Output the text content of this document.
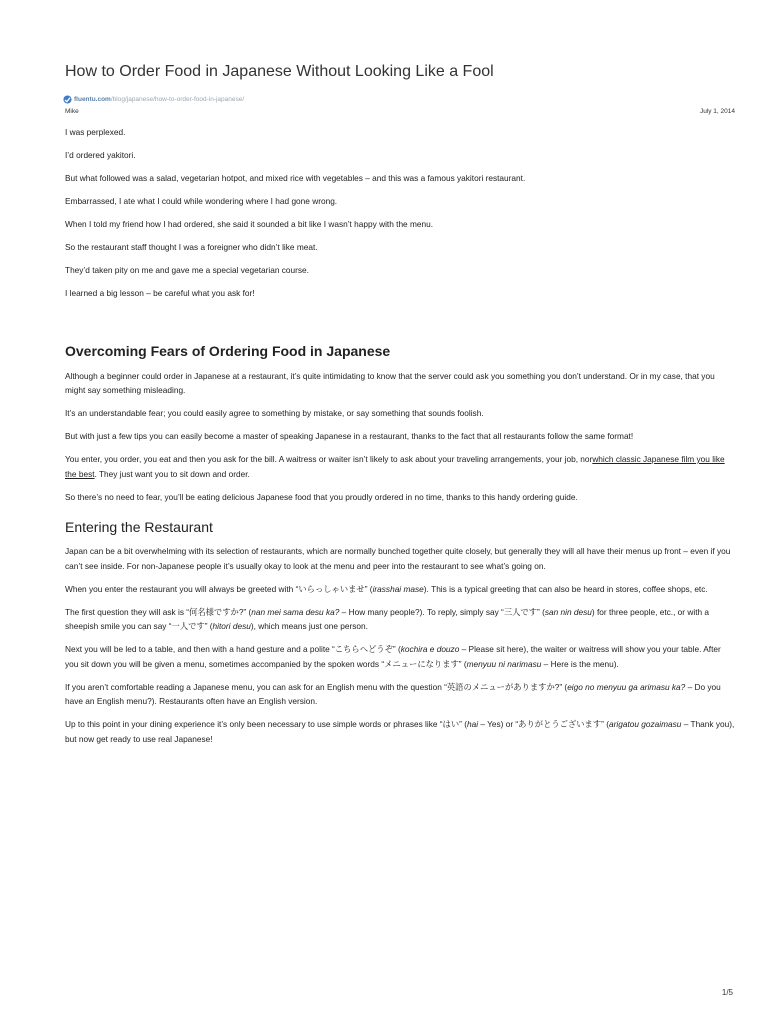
How to Order Food in Japanese Without Looking Like a Fool
fluentu.com /blog/japanese/how-to-order-food-in-japanese/
Mike	July 1, 2014

I was perplexed.

I’d ordered yakitori.

But what followed was a salad, vegetarian hotpot, and mixed rice with vegetables – and this was a famous yakitori restaurant.

Embarrassed, I ate what I could while wondering where I had gone wrong.

When I told my friend how I had ordered, she said it sounded a bit like I wasn’t happy with the menu.

So the restaurant staff thought I was a foreigner who didn’t like meat.

They’d taken pity on me and gave me a special vegetarian course.

I learned a big lesson – be careful what you ask for!

Overcoming Fears of Ordering Food in Japanese

Although a beginner could order in Japanese at a restaurant, it’s quite intimidating to know that the server could ask you something you don’t understand. Or in my case, that you might say something misleading.

It’s an understandable fear; you could easily agree to something by mistake, or say something that sounds foolish.

But with just a few tips you can easily become a master of speaking Japanese in a restaurant, thanks to the fact that all restaurants follow the same format!

You enter, you order, you eat and then you ask for the bill. A waitress or waiter isn’t likely to ask about your traveling arrangements, your job, norwhich classic Japanese film you like the best. They just want you to sit down and order.

So there’s no need to fear, you’ll be eating delicious Japanese food that you proudly ordered in no time, thanks to this handy ordering guide.

Entering the Restaurant

Japan can be a bit overwhelming with its selection of restaurants, which are normally bunched together quite closely, but generally they will all have their menus up front – even if you can’t see inside. For non-Japanese people it’s usually okay to look at the menu and peer into the restaurant to see what’s going on.

When you enter the restaurant you will always be greeted with “いらっしゃいませ” (irasshai mase). This is a typical greeting that can also be heard in stores, coffee shops, etc.

The first question they will ask is “何名様ですか?” (nan mei sama desu ka? – How many people?). To reply, simply say “三人です” (san nin desu) for three people, etc., or with a sheepish smile you can say “一人です” (hitori desu), which means just one person.

Next you will be led to a table, and then with a hand gesture and a polite “こちらへどうぞ” (kochira e douzo – Please sit here), the waiter or waitress will show you your table. After you sit down you will be given a menu, sometimes accompanied by the spoken words “メニューになります” (menyuu ni narimasu – Here is the menu).

If you aren’t comfortable reading a Japanese menu, you can ask for an English menu with the question “英語のメニューがありますか?” (eigo no menyuu ga arimasu ka? – Do you have an English menu?). Restaurants often have an English version.

Up to this point in your dining experience it’s only been necessary to use simple words or phrases like “はい” (hai – Yes) or “ありがとうございます” (arigatou gozaimasu – Thank you), but now get ready to use real Japanese!

1/5
